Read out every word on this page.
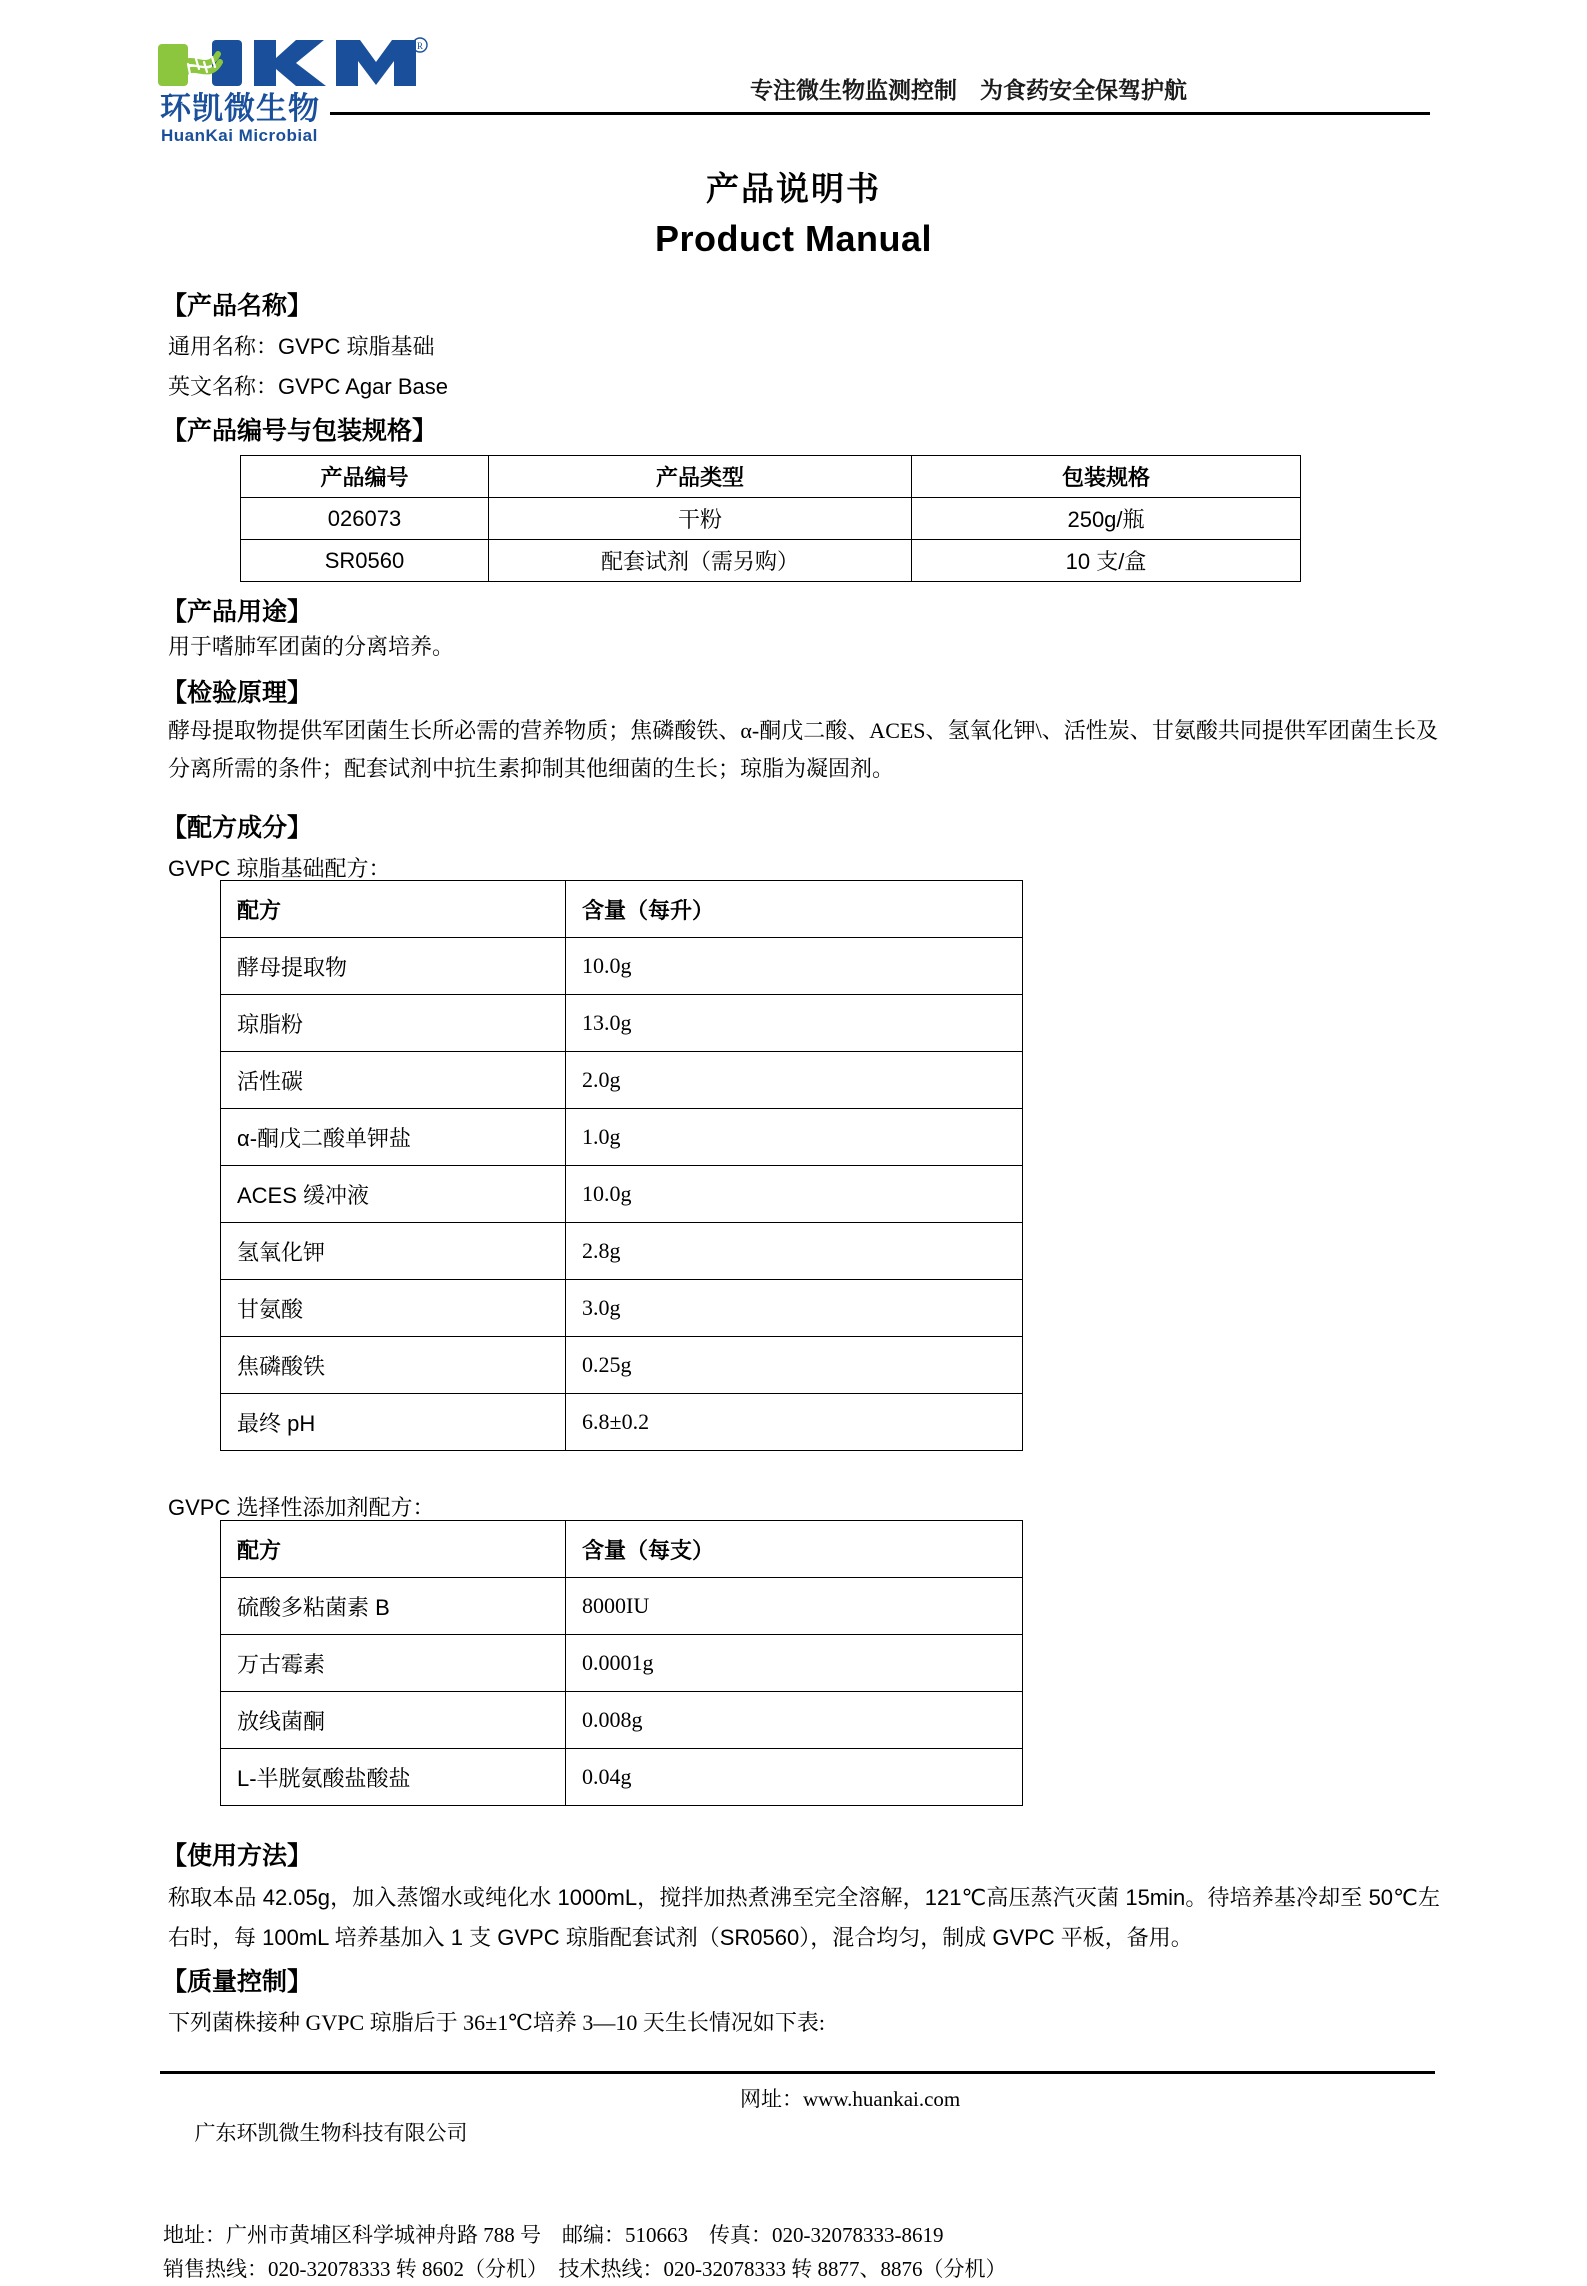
R
环凯微生物
HuanKai Microbial
专注微生物监测控制　为食药安全保驾护航
产品说明书
Product Manual
【产品名称】
通用名称：GVPC 琼脂基础
英文名称：GVPC Agar Base
【产品编号与包装规格】
产品编号	产品类型	包装规格
026073	干粉	250g/瓶
SR0560	配套试剂（需另购）	10 支/盒
【产品用途】
用于嗜肺军团菌的分离培养。
【检验原理】
酵母提取物提供军团菌生长所必需的营养物质；焦磷酸铁、α-酮戊二酸、ACES、氢氧化钾\、活性炭、甘氨酸共同提供军团菌生长及分离所需的条件；配套试剂中抗生素抑制其他细菌的生长；琼脂为凝固剂。
【配方成分】
GVPC 琼脂基础配方：
配方	含量（每升）
酵母提取物	10.0g
琼脂粉	13.0g
活性碳	2.0g
α-酮戊二酸单钾盐	1.0g
ACES 缓冲液	10.0g
氢氧化钾	2.8g
甘氨酸	3.0g
焦磷酸铁	0.25g
最终 pH	6.8±0.2
GVPC 选择性添加剂配方：
配方	含量（每支）
硫酸多粘菌素 B	8000IU
万古霉素	0.0001g
放线菌酮	0.008g
L-半胱氨酸盐酸盐	0.04g
【使用方法】
称取本品 42.05g，加入蒸馏水或纯化水 1000mL，搅拌加热煮沸至完全溶解，121℃高压蒸汽灭菌 15min。待培养基冷却至 50℃左右时，每 100mL 培养基加入 1 支 GVPC 琼脂配套试剂（SR0560），混合均匀，制成 GVPC 平板，备用。
【质量控制】
下列菌株接种 GVPC 琼脂后于 36±1℃培养 3—10 天生长情况如下表:

广东环凯微生物科技有限公司

网址：www.huankai.com

地址：广州市黄埔区科学城神舟路 788 号　邮编：510663　传真：020-32078333-8619
销售热线：020-32078333 转 8602（分机）　技术热线：020-32078333 转 8877、8876（分机）
